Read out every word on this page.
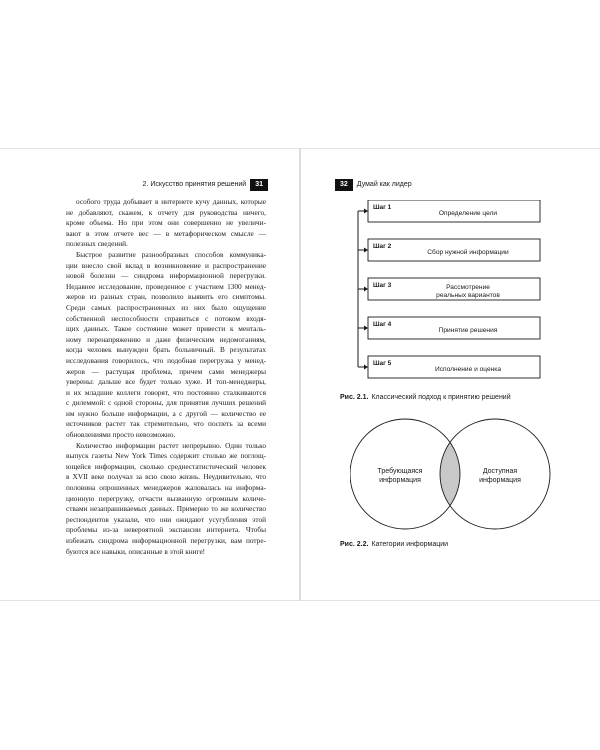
2. Искусство принятия решений 31	32 Думай как лидер

особого труда добывает в интернете кучу данных, которые
не добавляют, скажем, к отчету для руководства ничего,
кроме объема. Но при этом они совершенно не увеличи-
вают в этом отчете вес — в метафорическом смысле —
полезных сведений.

Быстрое развитие разнообразных способов коммуника-
ции внесло свой вклад в возникновение и распространение
новой болезни — синдрома информационной перегрузки.
Недавнее исследование, проведенное с участием 1300 менед-
жеров из разных стран, позволило выявить его симптомы.
Среди самых распространенных из них было ощущение
собственной неспособности справиться с потоком входя-
щих данных. Такое состояние может привести к менталь-
ному перенапряжению и даже физическим недомоганиям,
когда человек вынужден брать больничный. В результатах
исследования говорилось, что подобная перегрузка у менед-
жеров — растущая проблема, причем сами менеджеры
уверены: дальше все будет только хуже. И топ-менеджеры,
и их младшие коллеги говорят, что постоянно сталкиваются
с дилеммой: с одной стороны, для принятия лучших решений
им нужно больше информации, а с другой — количество ее
источников растет так стремительно, что поспеть за всеми
обновлениями просто невозможно.

Количество информации растет непрерывно. Один только
выпуск газеты New York Times содержит столько же поглощ-
ющейся информации, сколько среднестатистический человек
в XVII веке получал за всю свою жизнь. Неудивительно, что
половина опрошенных менеджеров жаловалась на информа-
ционную перегрузку, отчасти вызванную огромным количе-
ствами незапрашиваемых данных. Примерно то же количество
респондентов указали, что они ожидают усугубления этой
проблемы из-за невероятной экспансии интернета. Чтобы
избежать синдрома информационной перегрузки, вам потре-
буются все навыки, описанные в этой книге!

Шаг 1
Определение цели
Шаг 2
Сбор нужной информации
Шаг 3	Рассмотрение
реальных вариантов
Шаг 4
Принятие решения
Шаг 5
Исполнение и оценка
Рис. 2.1. Классический подход к принятию решений
Требующаяся
информация
Доступная
информация
Рис. 2.2. Категории информации
